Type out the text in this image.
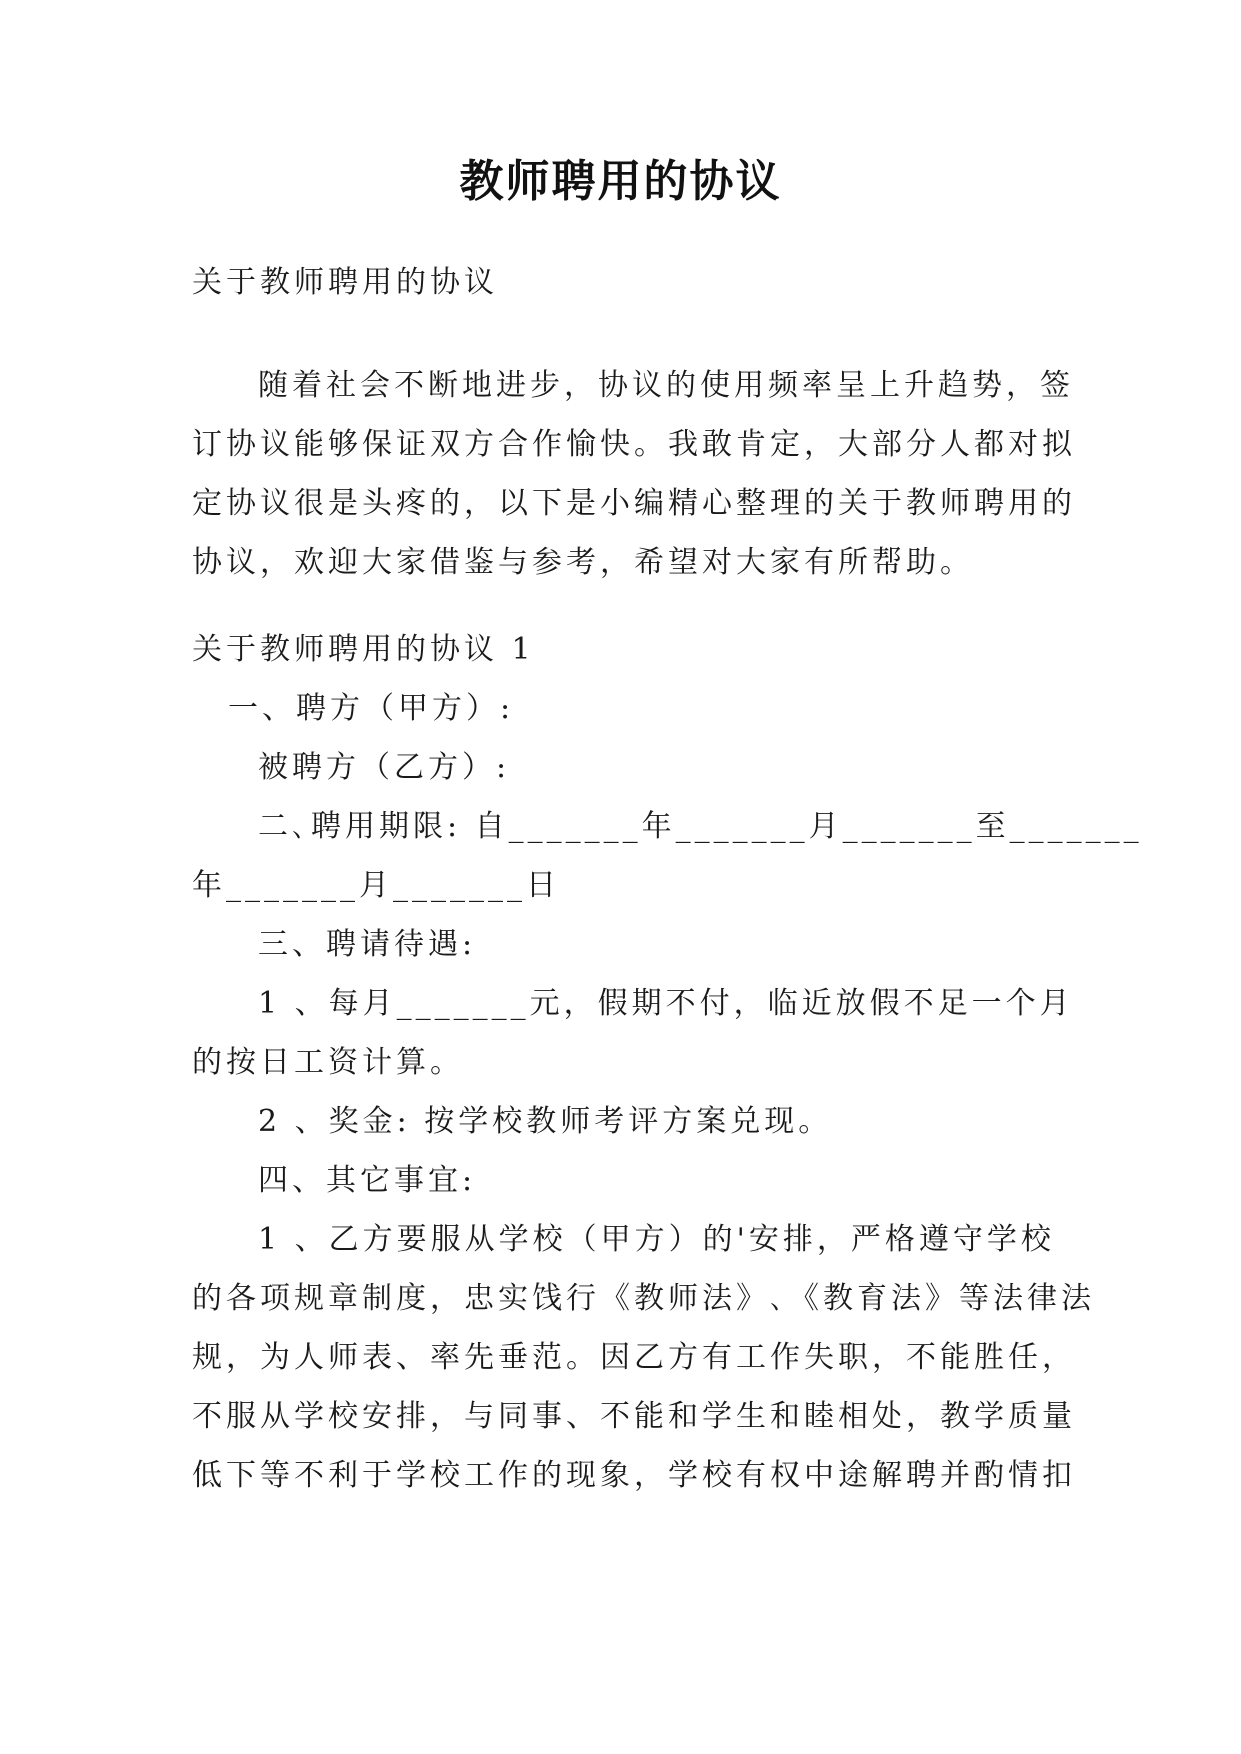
教师聘用的协议
关于教师聘用的协议
随着社会不断地进步，协议的使用频率呈上升趋势，签
订协议能够保证双方合作愉快。我敢肯定，大部分人都对拟
定协议很是头疼的，以下是小编精心整理的关于教师聘用的
协议，欢迎大家借鉴与参考，希望对大家有所帮助。
关于教师聘用的协议 1
一、聘方（甲方）:
被聘方（乙方）:
二､聘用期限: 自_______年_______月_______至_______
年_______月_______日
三、聘请待遇:
1 、每月_______元，假期不付，临近放假不足一个月
的按日工资计算。
2 、奖金: 按学校教师考评方案兑现。
四、其它事宜:
1 、乙方要服从学校（甲方）的'安排，严格遵守学校
的各项规章制度，忠实饯行《教师法》､《教育法》等法律法
规，为人师表、率先垂范。因乙方有工作失职，不能胜任，
不服从学校安排，与同事、不能和学生和睦相处，教学质量
低下等不利于学校工作的现象，学校有权中途解聘并酌情扣
